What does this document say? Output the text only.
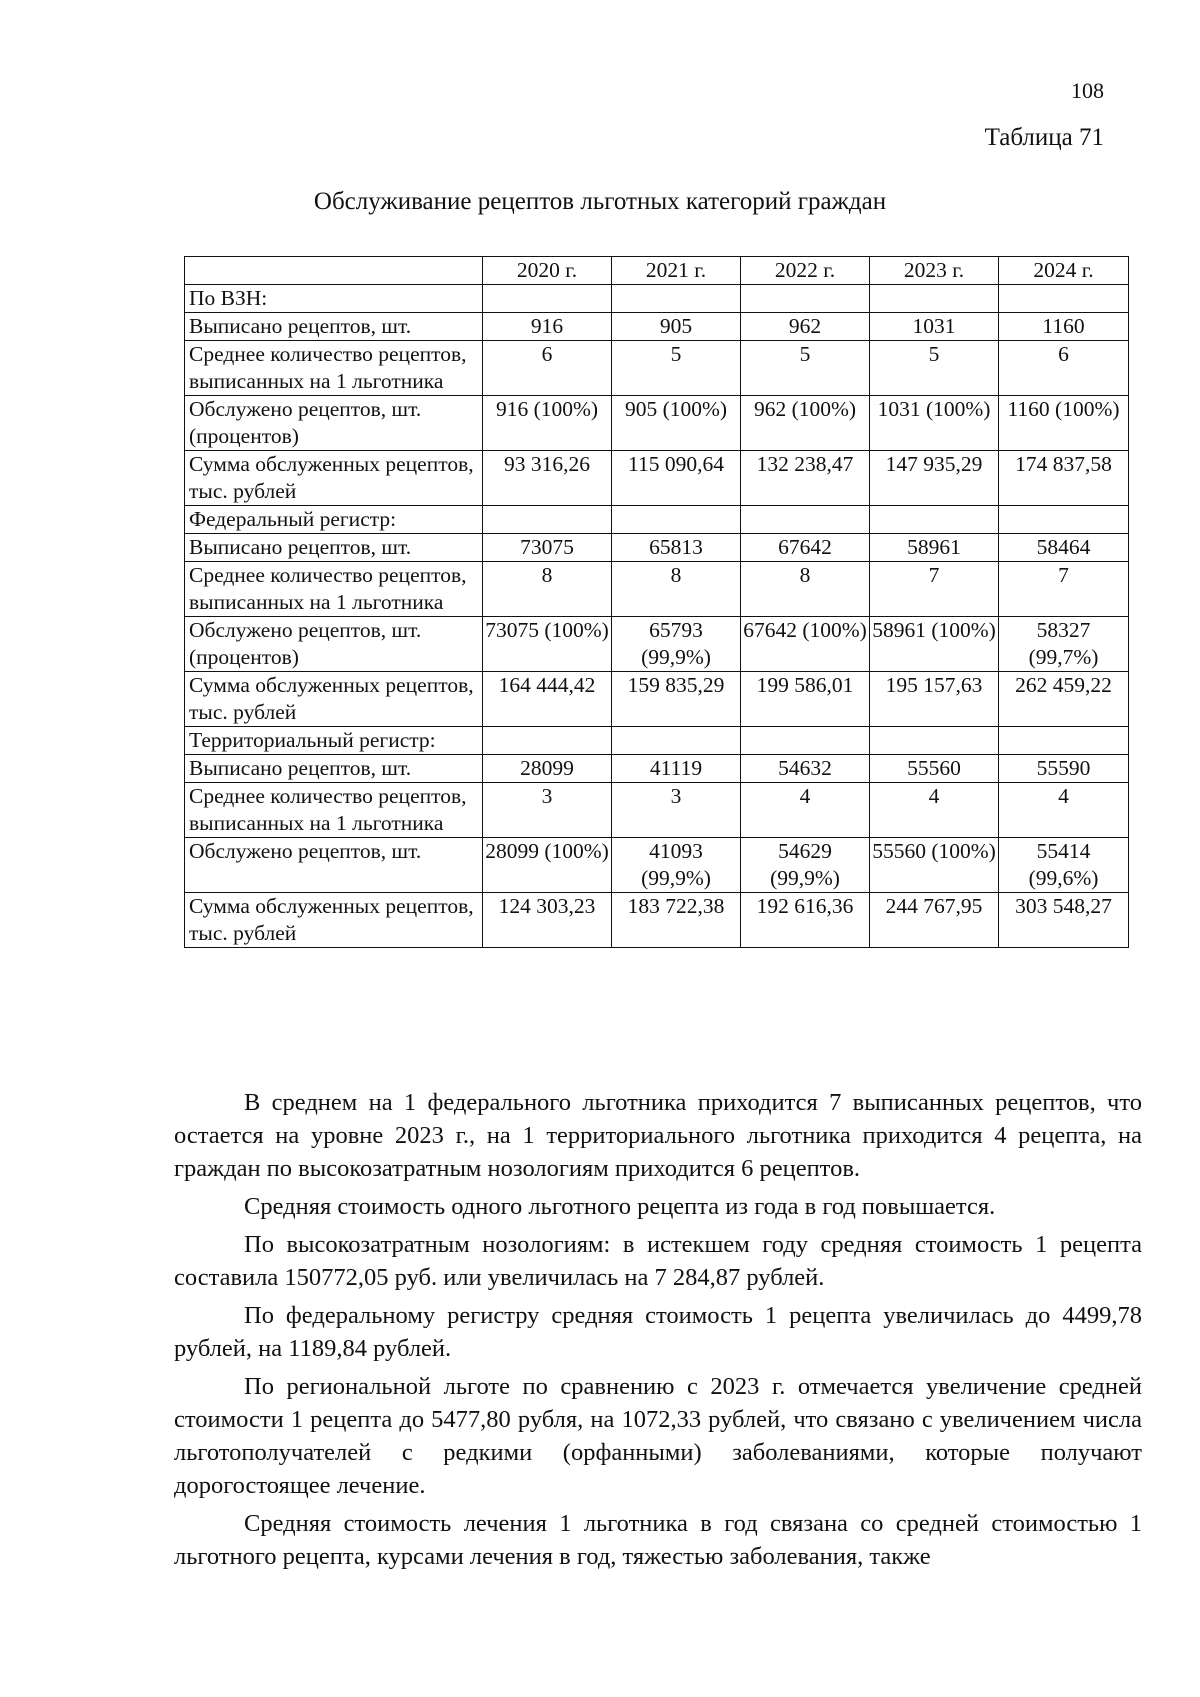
108
Таблица 71
Обслуживание рецептов льготных категорий граждан
	2020 г.	2021 г.	2022 г.	2023 г.	2024 г.
По ВЗН:					
Выписано рецептов, шт.	916	905	962	1031	1160
Среднее количество рецептов, выписанных на 1 льготника	6	5	5	5	6
Обслужено рецептов, шт. (процентов)	916 (100%)	905 (100%)	962 (100%)	1031 (100%)	1160 (100%)
Сумма обслуженных рецептов, тыс. рублей	93 316,26	115 090,64	132 238,47	147 935,29	174 837,58
Федеральный регистр:					
Выписано рецептов, шт.	73075	65813	67642	58961	58464
Среднее количество рецептов, выписанных на 1 льготника	8	8	8	7	7
Обслужено рецептов, шт. (процентов)	73075 (100%)	65793 (99,9%)	67642 (100%)	58961 (100%)	58327 (99,7%)
Сумма обслуженных рецептов, тыс. рублей	164 444,42	159 835,29	199 586,01	195 157,63	262 459,22
Территориальный регистр:					
Выписано рецептов, шт.	28099	41119	54632	55560	55590
Среднее количество рецептов, выписанных на 1 льготника	3	3	4	4	4
Обслужено рецептов, шт.	28099 (100%)	41093 (99,9%)	54629 (99,9%)	55560 (100%)	55414 (99,6%)
Сумма обслуженных рецептов, тыс. рублей	124 303,23	183 722,38	192 616,36	244 767,95	303 548,27

В среднем на 1 федерального льготника приходится 7 выписанных рецептов, что остается на уровне 2023 г., на 1 территориального льготника приходится 4 рецепта, на граждан по высокозатратным нозологиям приходится 6 рецептов.

Средняя стоимость одного льготного рецепта из года в год повышается.

По высокозатратным нозологиям: в истекшем году средняя стоимость 1 рецепта составила 150772,05 руб. или увеличилась на 7 284,87 рублей.

По федеральному регистру средняя стоимость 1 рецепта увеличилась до 4499,78 рублей, на 1189,84 рублей.

По региональной льготе по сравнению с 2023 г. отмечается увеличение средней стоимости 1 рецепта до 5477,80 рубля, на 1072,33 рублей, что связано с увеличением числа льготополучателей с редкими (орфанными) заболеваниями, которые получают дорогостоящее лечение.

Средняя стоимость лечения 1 льготника в год связана со средней стоимостью 1 льготного рецепта, курсами лечения в год, тяжестью заболевания, также
